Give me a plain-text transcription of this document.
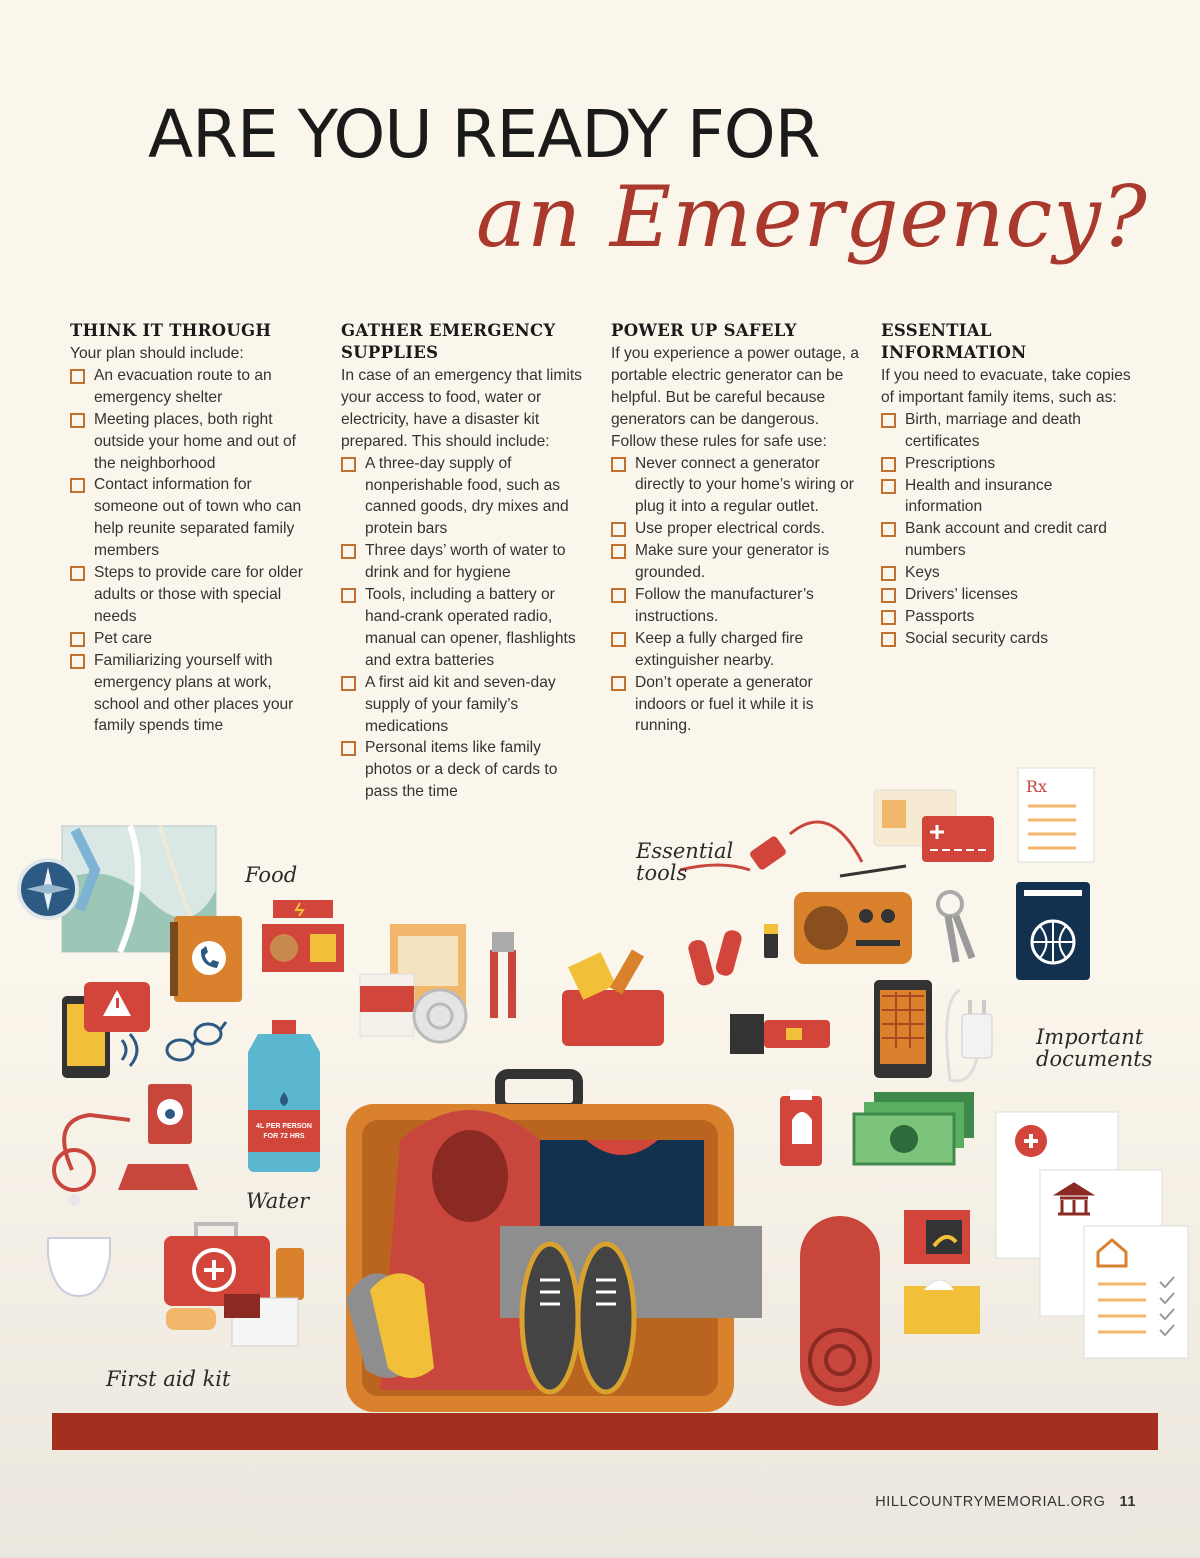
ARE YOU READY FOR
an Emergency?
THINK IT THROUGH

Your plan should include:

An evacuation route to an emergency shelter
Meeting places, both right outside your home and out of the neighborhood
Contact information for someone out of town who can help reunite separated family members
Steps to provide care for older adults or those with special needs
Pet care
Familiarizing yourself with emergency plans at work, school and other places your family spends time
GATHER EMERGENCY SUPPLIES

In case of an emergency that limits your access to food, water or electricity, have a disaster kit prepared. This should include:

A three-day supply of nonperishable food, such as canned goods, dry mixes and protein bars
Three days’ worth of water to drink and for hygiene
Tools, including a battery or hand-crank operated radio, manual can opener, flashlights and extra batteries
A first aid kit and seven-day supply of your family’s medications
Personal items like family photos or a deck of cards to pass the time
POWER UP SAFELY

If you experience a power outage, a portable electric generator can be helpful. But be careful because generators can be dangerous. Follow these rules for safe use:

Never connect a generator directly to your home’s wiring or plug it into a regular outlet.
Use proper electrical cords.
Make sure your generator is grounded.
Follow the manufacturer’s instructions.
Keep a fully charged fire extinguisher nearby.
Don’t operate a generator indoors or fuel it while it is running.
ESSENTIAL INFORMATION

If you need to evacuate, take copies of important family items, such as:

Birth, marriage and death certificates
Prescriptions
Health and insurance information
Bank account and credit card numbers
Keys
Drivers’ licenses
Passports
Social security cards
Rx
4L PER PERSON
FOR 72 HRS
Food
Essential tools
Important documents
Water
First aid kit
HILLCOUNTRYMEMORIAL.ORG 11
